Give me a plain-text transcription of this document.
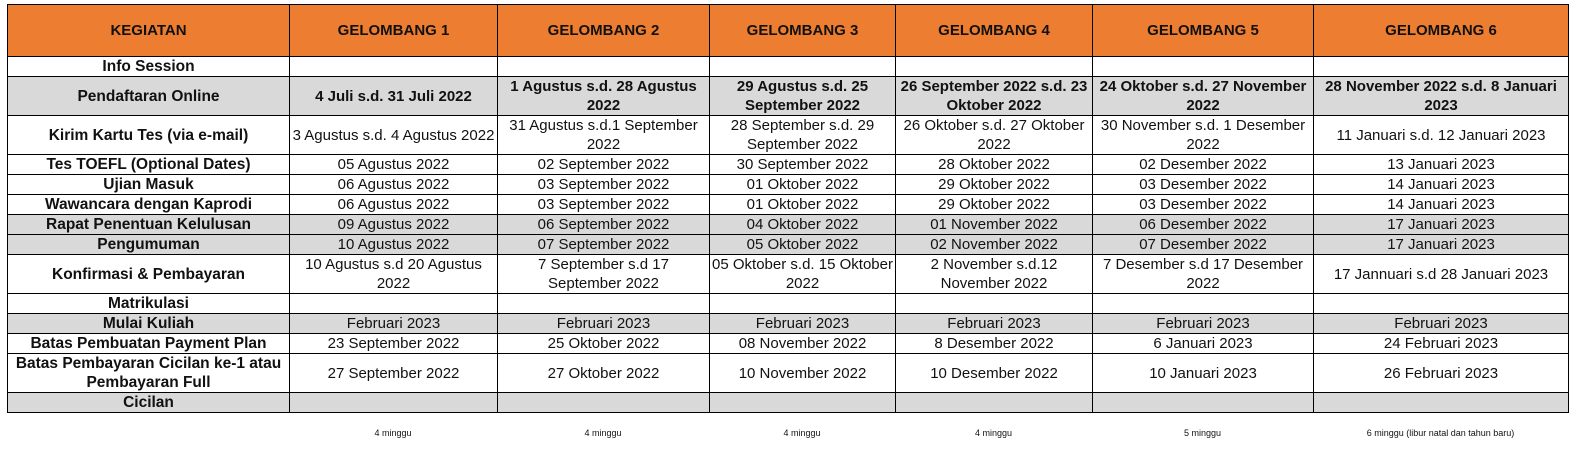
KEGIATAN	GELOMBANG 1	GELOMBANG 2	GELOMBANG 3	GELOMBANG 4	GELOMBANG 5	GELOMBANG 6
Info Session						
Pendaftaran Online	4 Juli s.d. 31 Juli 2022	1 Agustus s.d. 28 Agustus 2022	29 Agustus s.d. 25 September 2022	26 September 2022 s.d. 23 Oktober 2022	24 Oktober s.d. 27 November 2022	28 November 2022 s.d. 8 Januari 2023
Kirim Kartu Tes (via e-mail)	3 Agustus s.d. 4 Agustus 2022	31 Agustus s.d.1 September 2022	28 September s.d. 29 September 2022	26 Oktober s.d. 27 Oktober 2022	30 November s.d. 1 Desember 2022	11 Januari s.d. 12 Januari 2023
Tes TOEFL (Optional Dates)	05 Agustus 2022	02 September 2022	30 September 2022	28 Oktober 2022	02 Desember 2022	13 Januari 2023
Ujian Masuk	06 Agustus 2022	03 September 2022	01 Oktober 2022	29 Oktober 2022	03 Desember 2022	14 Januari 2023
Wawancara dengan Kaprodi	06 Agustus 2022	03 September 2022	01 Oktober 2022	29 Oktober 2022	03 Desember 2022	14 Januari 2023
Rapat Penentuan Kelulusan	09 Agustus 2022	06 September 2022	04 Oktober 2022	01 November 2022	06 Desember 2022	17 Januari 2023
Pengumuman	10 Agustus 2022	07 September 2022	05 Oktober 2022	02 November 2022	07 Desember 2022	17 Januari 2023
Konfirmasi & Pembayaran	10 Agustus s.d 20 Agustus 2022	7 September s.d 17 September 2022	05 Oktober s.d. 15 Oktober 2022	2 November s.d.12 November 2022	7 Desember s.d 17 Desember 2022	17 Jannuari s.d 28 Januari 2023
Matrikulasi						
Mulai Kuliah	Februari 2023	Februari 2023	Februari 2023	Februari 2023	Februari 2023	Februari 2023
Batas Pembuatan Payment Plan	23 September 2022	25 Oktober 2022	08 November 2022	8 Desember 2022	6 Januari 2023	24 Februari 2023
Batas Pembayaran Cicilan ke-1 atau Pembayaran Full	27 September 2022	27 Oktober 2022	10 November 2022	10 Desember 2022	10 Januari 2023	26 Februari 2023
Cicilan						
	4 minggu	4 minggu	4 minggu	4 minggu	5 minggu	6 minggu (libur natal dan tahun baru)
